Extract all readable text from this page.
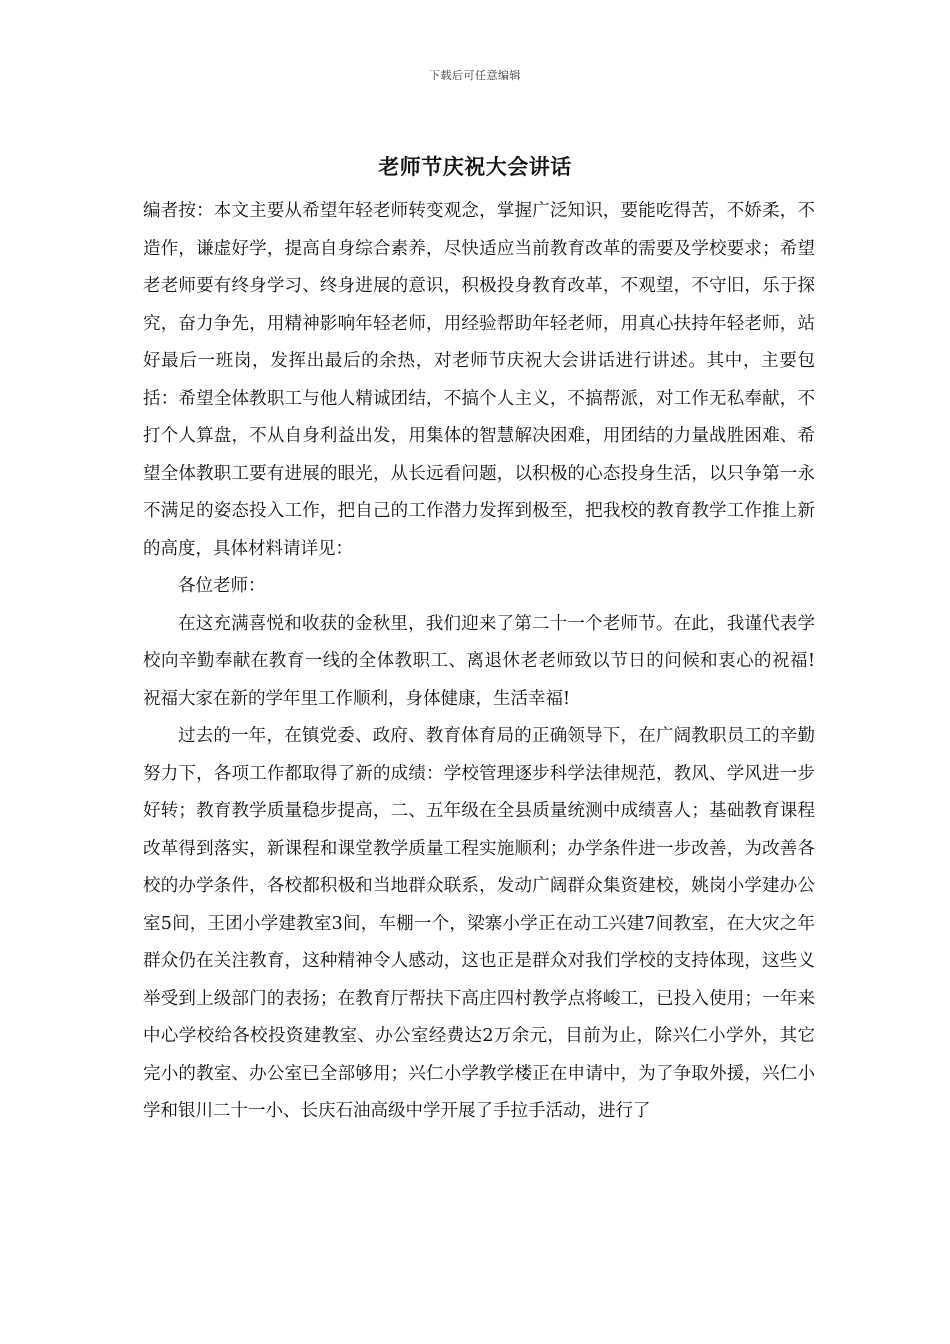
下载后可任意编辑
老师节庆祝大会讲话

编者按：本文主要从希望年轻老师转变观念，掌握广泛知识，要能吃得苦，不娇柔，不造作，谦虚好学，提高自身综合素养，尽快适应当前教育改革的需要及学校要求；希望老老师要有终身学习、终身进展的意识，积极投身教育改革，不观望，不守旧，乐于探究，奋力争先，用精神影响年轻老师，用经验帮助年轻老师，用真心扶持年轻老师，站好最后一班岗，发挥出最后的余热，对老师节庆祝大会讲话进行讲述。其中，主要包括：希望全体教职工与他人精诚团结，不搞个人主义，不搞帮派，对工作无私奉献，不打个人算盘，不从自身利益出发，用集体的智慧解决困难，用团结的力量战胜困难、希望全体教职工要有进展的眼光，从长远看问题，以积极的心态投身生活，以只争第一永不满足的姿态投入工作，把自己的工作潜力发挥到极至，把我校的教育教学工作推上新的高度，具体材料请详见：

各位老师：

在这充满喜悦和收获的金秋里，我们迎来了第二十一个老师节。在此，我谨代表学校向辛勤奉献在教育一线的全体教职工、离退休老老师致以节日的问候和衷心的祝福!祝福大家在新的学年里工作顺利，身体健康，生活幸福!

过去的一年，在镇党委、政府、教育体育局的正确领导下，在广阔教职员工的辛勤努力下，各项工作都取得了新的成绩：学校管理逐步科学法律规范，教风、学风进一步好转；教育教学质量稳步提高，二、五年级在全县质量统测中成绩喜人；基础教育课程改革得到落实，新课程和课堂教学质量工程实施顺利；办学条件进一步改善，为改善各校的办学条件，各校都积极和当地群众联系，发动广阔群众集资建校，姚岗小学建办公室5间，王团小学建教室3间，车棚一个，梁寨小学正在动工兴建7间教室，在大灾之年群众仍在关注教育，这种精神令人感动，这也正是群众对我们学校的支持体现，这些义举受到上级部门的表扬；在教育厅帮扶下高庄四村教学点将峻工，已投入使用；一年来中心学校给各校投资建教室、办公室经费达2万余元，目前为止，除兴仁小学外，其它完小的教室、办公室已全部够用；兴仁小学教学楼正在申请中，为了争取外援，兴仁小学和银川二十一小、长庆石油高级中学开展了手拉手活动，进行了
